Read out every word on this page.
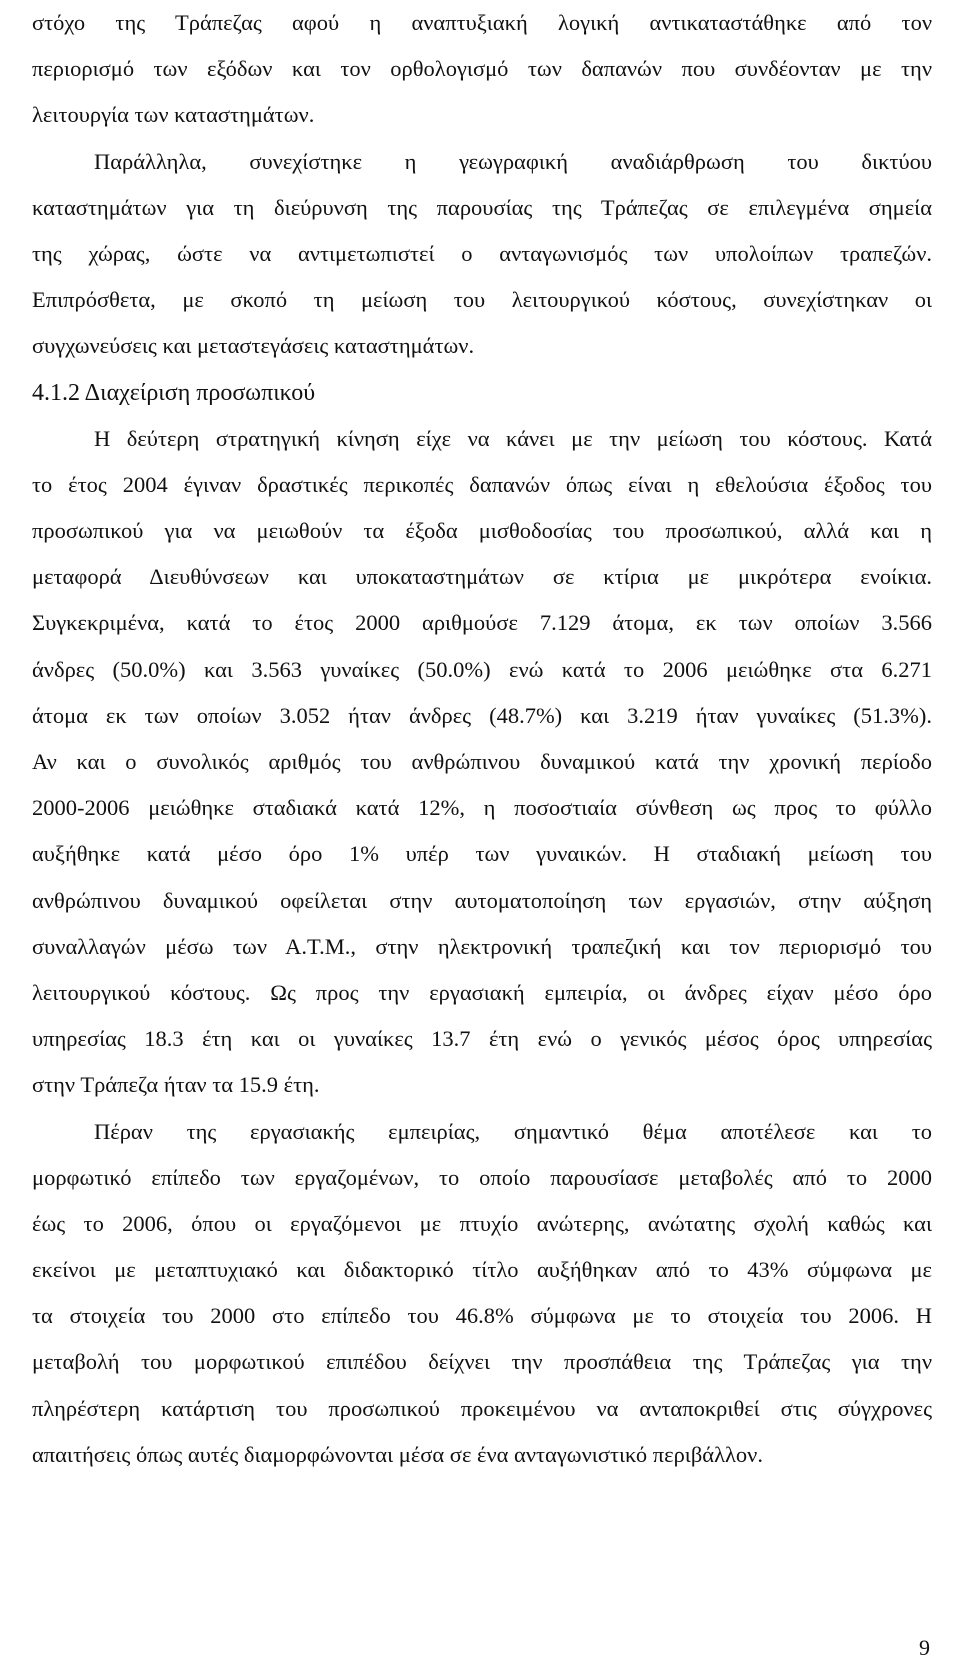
στόχο της Τράπεζας αφού η αναπτυξιακή λογική αντικαταστάθηκε από τον
περιορισμό των εξόδων και τον ορθολογισμό των δαπανών που συνδέονταν με την
λειτουργία των καταστημάτων.
Παράλληλα, συνεχίστηκε η γεωγραφική αναδιάρθρωση του δικτύου
καταστημάτων για τη διεύρυνση της παρουσίας της Τράπεζας σε επιλεγμένα σημεία
της χώρας, ώστε να αντιμετωπιστεί ο ανταγωνισμός των υπολοίπων τραπεζών.
Επιπρόσθετα, με σκοπό τη μείωση του λειτουργικού κόστους, συνεχίστηκαν οι
συγχωνεύσεις και μεταστεγάσεις καταστημάτων.
4.1.2 Διαχείριση προσωπικού
Η δεύτερη στρατηγική κίνηση είχε να κάνει με την μείωση του κόστους. Κατά
το έτος 2004 έγιναν δραστικές περικοπές δαπανών όπως είναι η εθελούσια έξοδος του
προσωπικού για να μειωθούν τα έξοδα μισθοδοσίας του προσωπικού, αλλά και η
μεταφορά Διευθύνσεων και υποκαταστημάτων σε κτίρια με μικρότερα ενοίκια.
Συγκεκριμένα, κατά το έτος 2000 αριθμούσε 7.129 άτομα, εκ των οποίων 3.566
άνδρες (50.0%) και 3.563 γυναίκες (50.0%) ενώ κατά το 2006 μειώθηκε στα 6.271
άτομα εκ των οποίων 3.052 ήταν άνδρες (48.7%) και 3.219 ήταν γυναίκες (51.3%).
Αν και ο συνολικός αριθμός του ανθρώπινου δυναμικού κατά την χρονική περίοδο
2000-2006 μειώθηκε σταδιακά κατά 12%, η ποσοστιαία σύνθεση ως προς το φύλλο
αυξήθηκε κατά μέσο όρο 1% υπέρ των γυναικών. Η σταδιακή μείωση του
ανθρώπινου δυναμικού οφείλεται στην αυτοματοποίηση των εργασιών, στην αύξηση
συναλλαγών μέσω των Α.Τ.Μ., στην ηλεκτρονική τραπεζική και τον περιορισμό του
λειτουργικού κόστους. Ως προς την εργασιακή εμπειρία, οι άνδρες είχαν μέσο όρο
υπηρεσίας 18.3 έτη και οι γυναίκες 13.7 έτη ενώ ο γενικός μέσος όρος υπηρεσίας
στην Τράπεζα ήταν τα 15.9 έτη.
Πέραν της εργασιακής εμπειρίας, σημαντικό θέμα αποτέλεσε και το
μορφωτικό επίπεδο των εργαζομένων, το οποίο παρουσίασε μεταβολές από το 2000
έως το 2006, όπου οι εργαζόμενοι με πτυχίο ανώτερης, ανώτατης σχολή καθώς και
εκείνοι με μεταπτυχιακό και διδακτορικό τίτλο αυξήθηκαν από το 43% σύμφωνα με
τα στοιχεία του 2000 στο επίπεδο του 46.8% σύμφωνα με το στοιχεία του 2006. Η
μεταβολή του μορφωτικού επιπέδου δείχνει την προσπάθεια της Τράπεζας για την
πληρέστερη κατάρτιση του προσωπικού προκειμένου να ανταποκριθεί στις σύγχρονες
απαιτήσεις όπως αυτές διαμορφώνονται μέσα σε ένα ανταγωνιστικό περιβάλλον.
9
